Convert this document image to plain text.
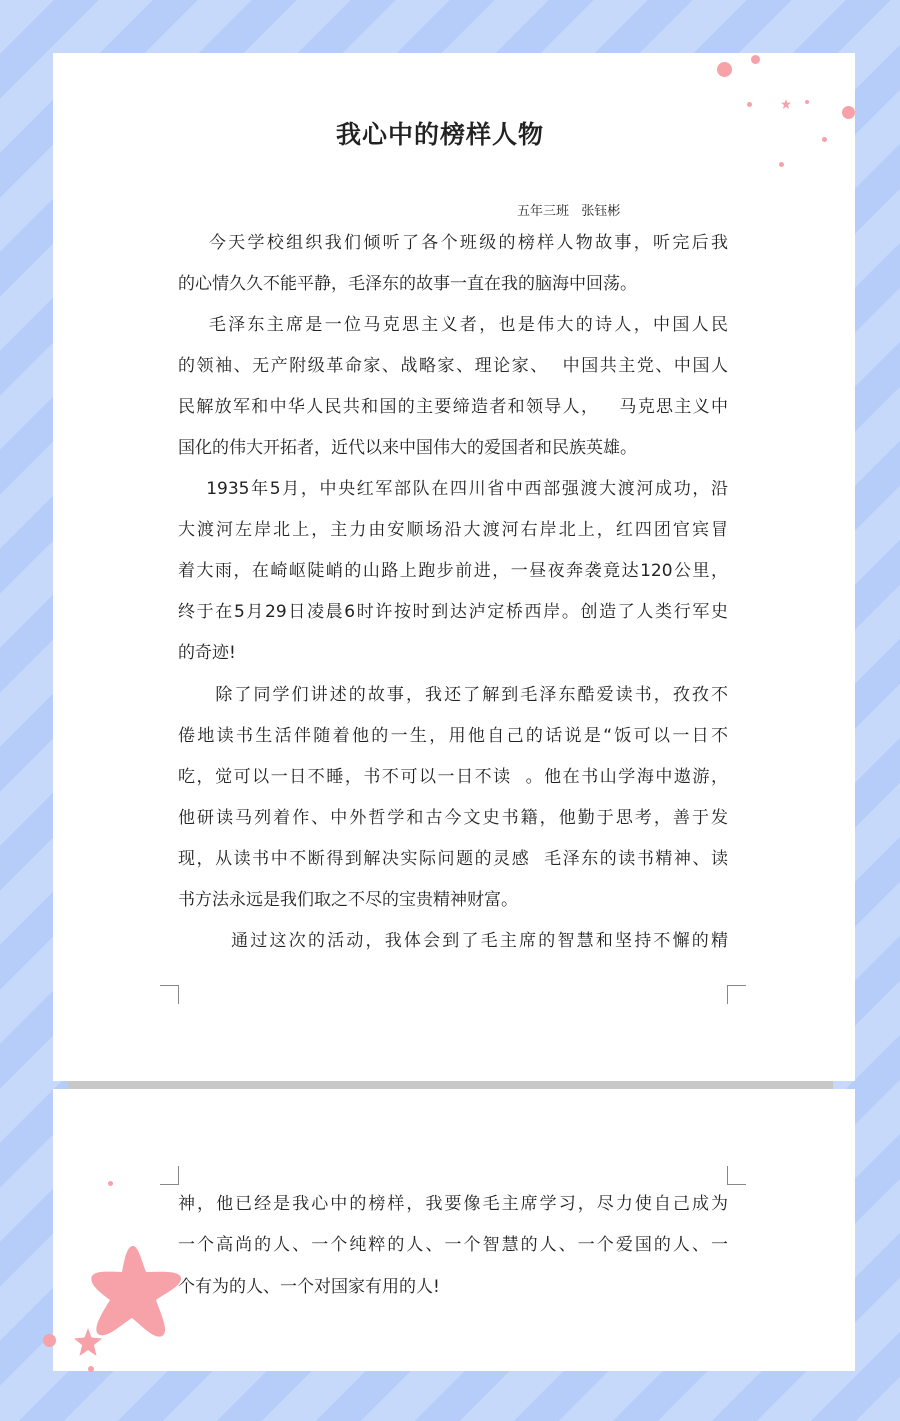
我心中的榜样人物
五年三班   张钰彬
今天学校组织我们倾听了各个班级的榜样人物故事，听完后我
的心情久久不能平静，毛泽东的故事一直在我的脑海中回荡。
毛泽东主席是一位马克思主义者，也是伟大的诗人，中国人民
的领袖、无产附级革命家、战略家、理论家、  中国共主党、中国人
民解放军和中华人民共和国的主要缔造者和领导人，   马克思主义中
国化的伟大开拓者，近代以来中国伟大的爱国者和民族英雄。
1935年5月，中央红军部队在四川省中西部强渡大渡河成功，沿
大渡河左岸北上，主力由安顺场沿大渡河右岸北上，红四团官宾冒
着大雨，在崎岖陡峭的山路上跑步前进，一昼夜奔袭竟达120公里，
终于在5月29日凌晨6时许按时到达泸定桥西岸。创造了人类行军史
的奇迹!
除了同学们讲述的故事，我还了解到毛泽东酷爱读书，孜孜不
倦地读书生活伴随着他的一生，用他自己的话说是“饭可以一日不
吃，觉可以一日不睡，书不可以一日不读  。他在书山学海中遨游，
他研读马列着作、中外哲学和古今文史书籍，他勤于思考，善于发
现，从读书中不断得到解决实际问题的灵感  毛泽东的读书精神、读
书方法永远是我们取之不尽的宝贵精神财富。
通过这次的活动，我体会到了毛主席的智慧和坚持不懈的精
神，他已经是我心中的榜样，我要像毛主席学习，尽力使自己成为
一个高尚的人、一个纯粹的人、一个智慧的人、一个爱国的人、一
个有为的人、一个对国家有用的人!
